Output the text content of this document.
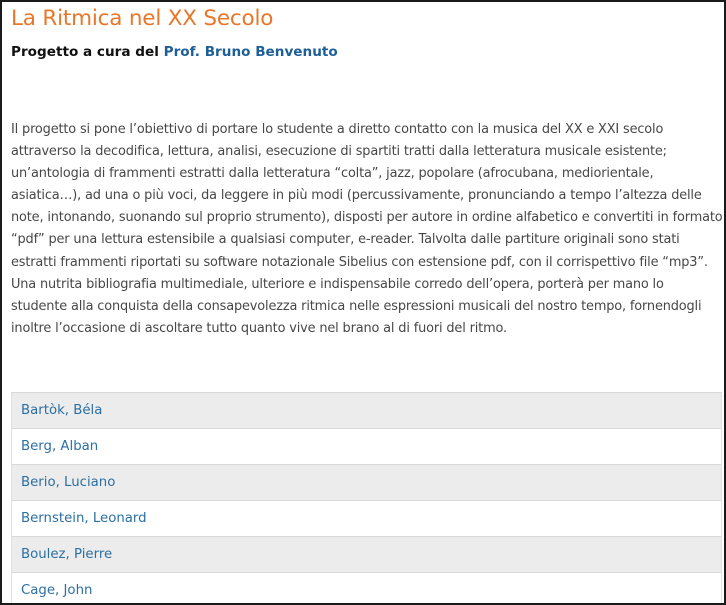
La Ritmica nel XX Secolo

Progetto a cura del Prof. Bruno Benvenuto

Il progetto si pone l’obiettivo di portare lo studente a diretto contatto con la musica del XX e XXI secolo attraverso la decodifica, lettura, analisi, esecuzione di spartiti tratti dalla letteratura musicale esistente; un’antologia di frammenti estratti dalla letteratura “colta”, jazz, popolare (afrocubana, mediorientale, asiatica…), ad una o più voci, da leggere in più modi (percussivamente, pronunciando a tempo l’altezza delle note, intonando, suonando sul proprio strumento), disposti per autore in ordine alfabetico e convertiti in formato “pdf” per una lettura estensibile a qualsiasi computer, e-reader. Talvolta dalle partiture originali sono stati estratti frammenti riportati su software notazionale Sibelius con estensione pdf, con il corrispettivo file “mp3”. Una nutrita bibliografia multimediale, ulteriore e indispensabile corredo dell’opera, porterà per mano lo studente alla conquista della consapevolezza ritmica nelle espressioni musicali del nostro tempo, fornendogli inoltre l’occasione di ascoltare tutto quanto vive nel brano al di fuori del ritmo.

Bartòk, Béla
Berg, Alban
Berio, Luciano
Bernstein, Leonard
Boulez, Pierre
Cage, John
